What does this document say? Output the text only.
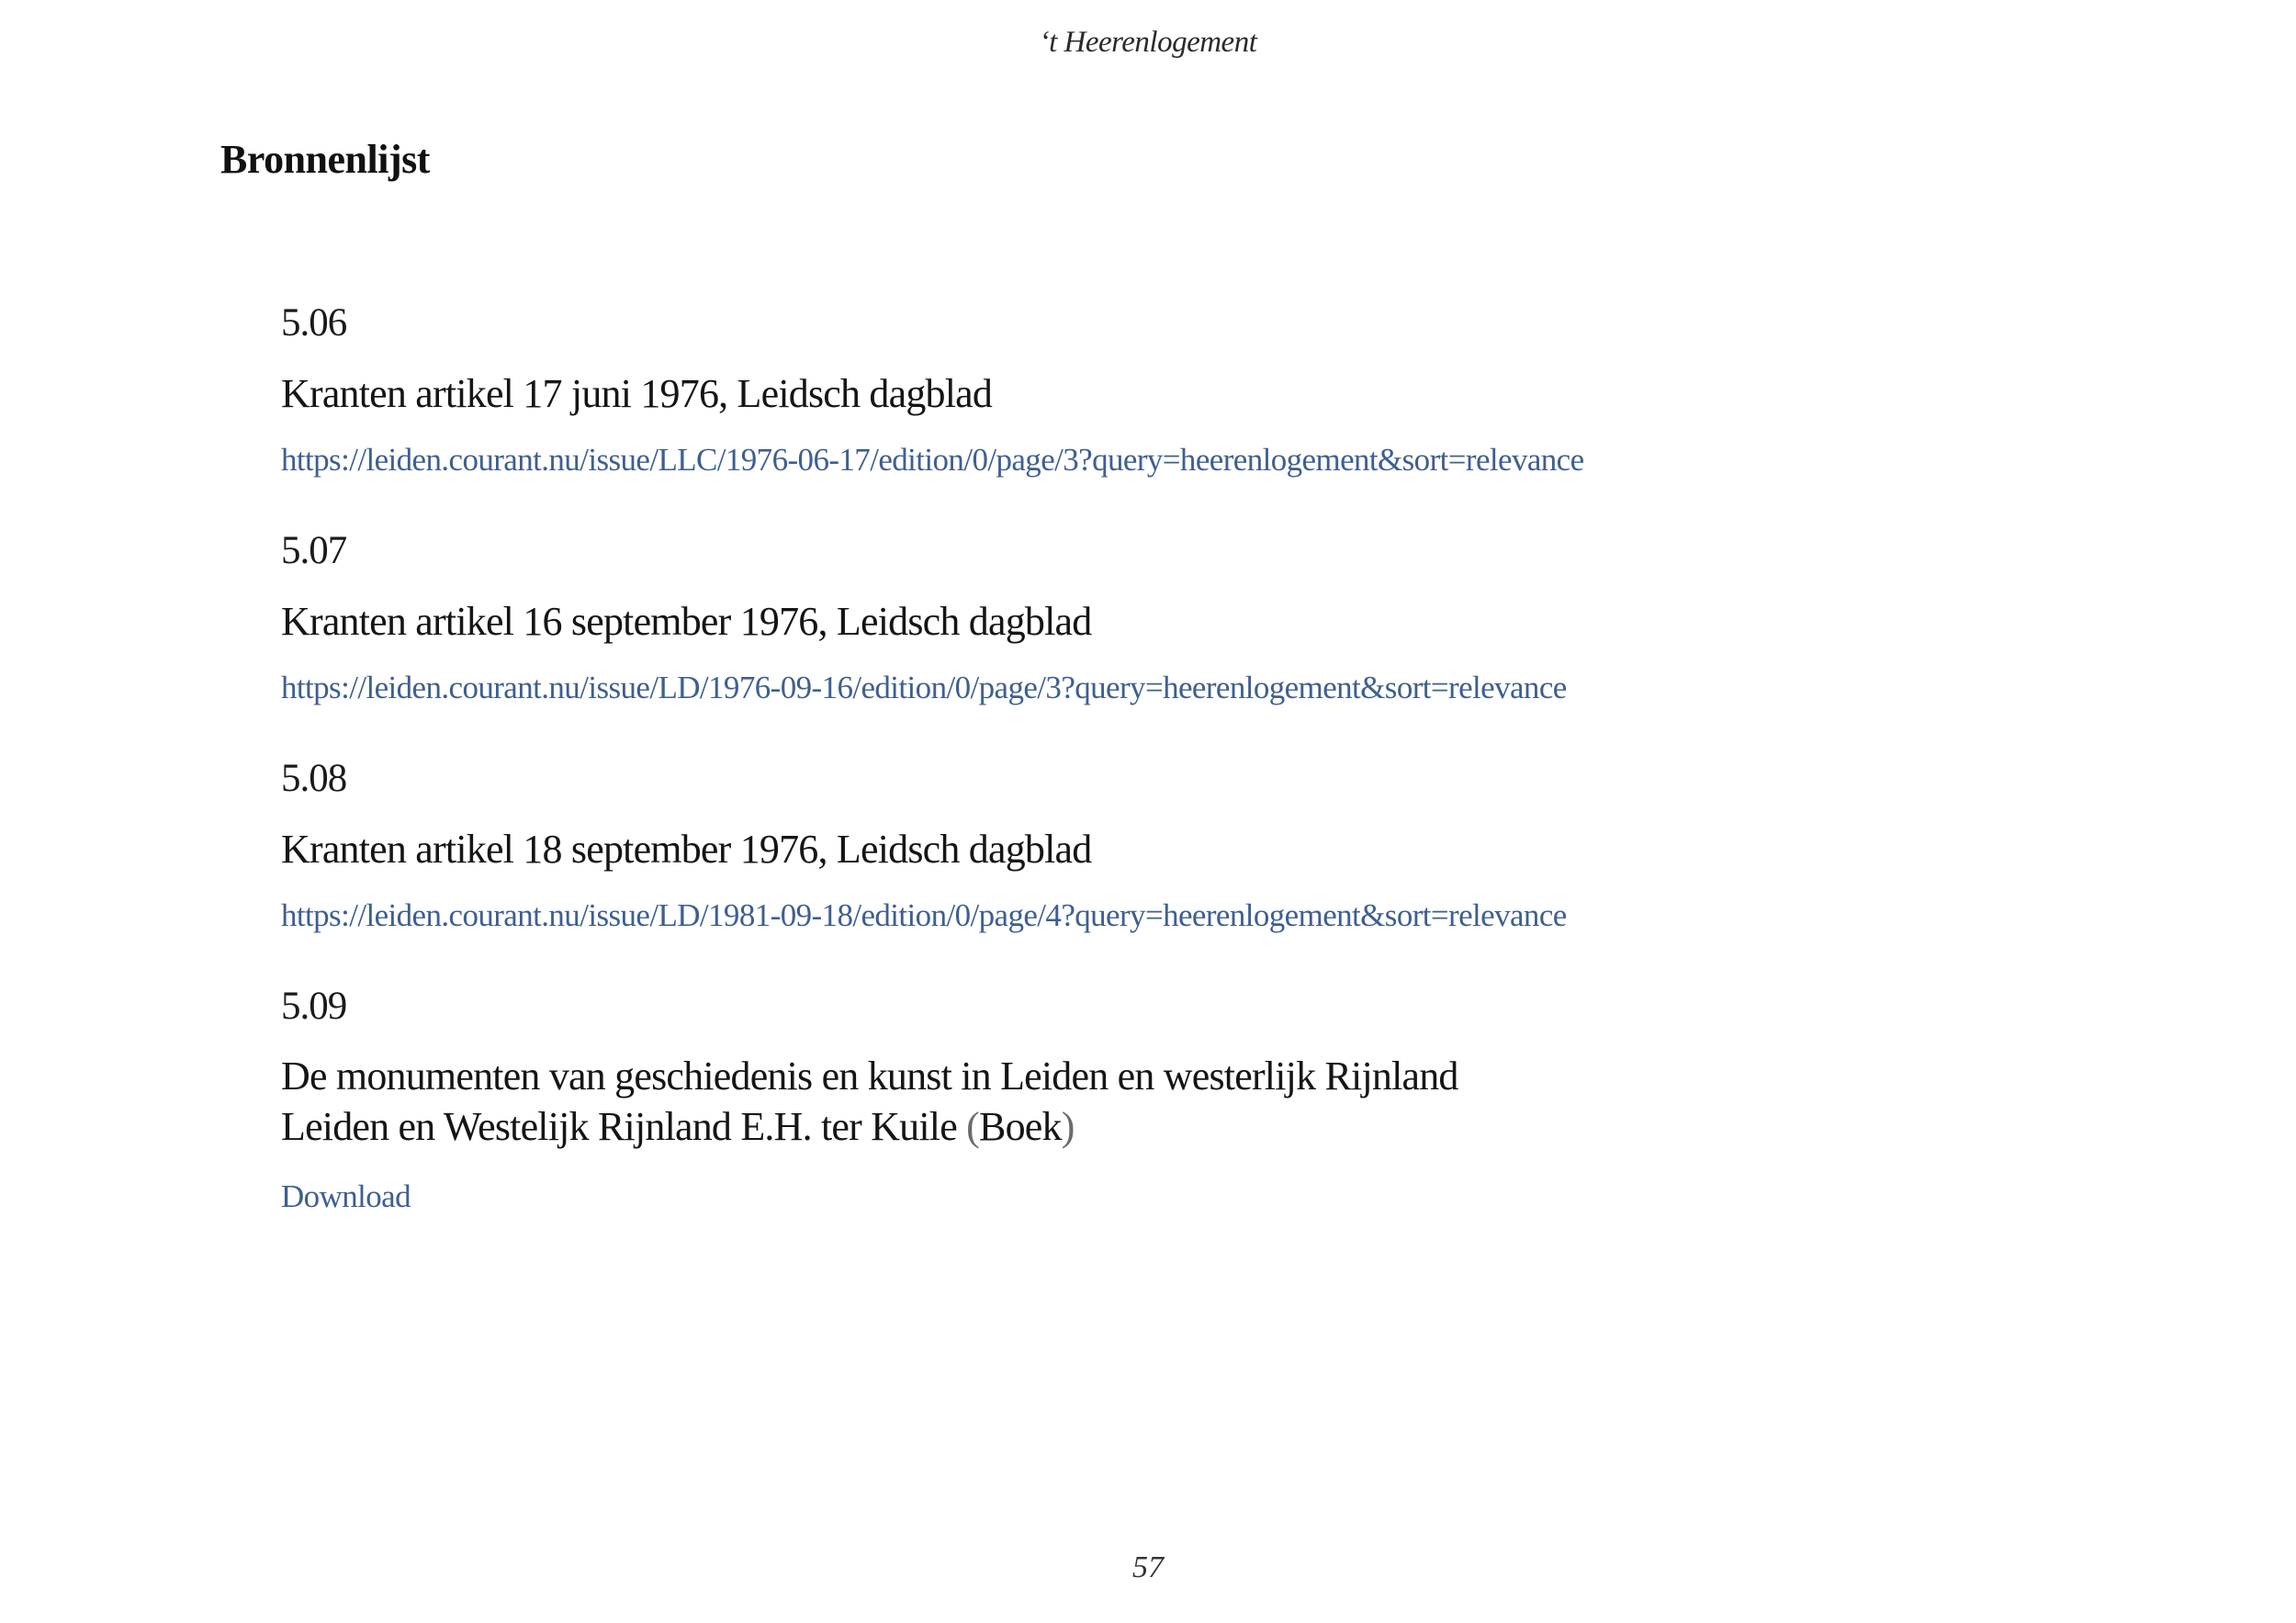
‘t Heerenlogement
Bronnenlijst
5.06
Kranten artikel 17 juni 1976, Leidsch dagblad
https://leiden.courant.nu/issue/LLC/1976-06-17/edition/0/page/3?query=heerenlogement&sort=relevance
5.07
Kranten artikel 16 september 1976, Leidsch dagblad
https://leiden.courant.nu/issue/LD/1976-09-16/edition/0/page/3?query=heerenlogement&sort=relevance
5.08
Kranten artikel 18 september 1976, Leidsch dagblad
https://leiden.courant.nu/issue/LD/1981-09-18/edition/0/page/4?query=heerenlogement&sort=relevance
5.09
De monumenten van geschiedenis en kunst in Leiden en westerlijk Rijnland
Leiden en Westelijk Rijnland E.H. ter Kuile (Boek)
Download
57
